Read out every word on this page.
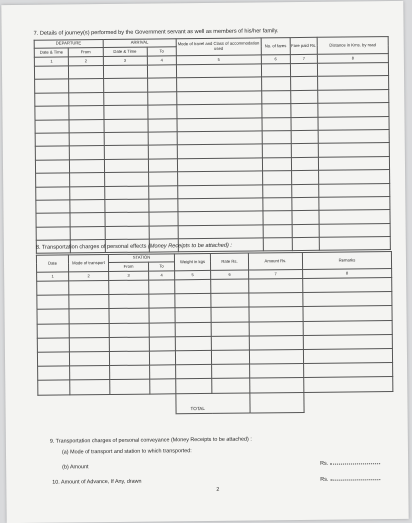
7. Details of journey(s) performed by the Government servant as well as members of his/her family.
DEPARTURE		ARRIVAL		Mode of travel and Class of accommodation used	No. of fares	Fare paid Rs.	Distance in Kms. by road
Date & Time	From	Date & Time	To				
1	2	3	4	5	6	7	8

8. Transportation charges of personal effects (Money Receipts to be attached) :
Date	Mode of transport	STATION		Weight in kgs	Rate Rs.	Amount Rs.	Remarks
		From	To				
1	2	3	4	5	6	7	8

				TOTAL			
9. Transportation charges of personal conveyance (Money Receipts to be attached) :
(a) Mode of transport and station to which transported:
(b) Amount
Rs.
10. Amount of Advance, If Any, drawn	Rs.
2
